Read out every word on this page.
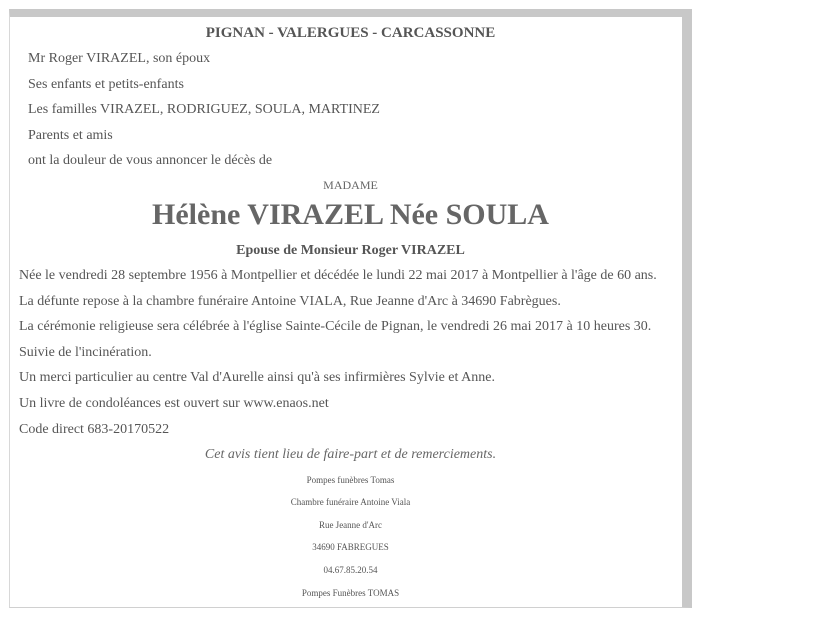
PIGNAN - VALERGUES - CARCASSONNE
Mr Roger VIRAZEL, son époux
Ses enfants et petits-enfants
Les familles VIRAZEL, RODRIGUEZ, SOULA, MARTINEZ
Parents et amis
ont la douleur de vous annoncer le décès de
MADAME
Hélène VIRAZEL Née SOULA
Epouse de Monsieur Roger VIRAZEL
Née le vendredi 28 septembre 1956 à Montpellier et décédée le lundi 22 mai 2017 à Montpellier à l'âge de 60 ans.
La défunte repose à la chambre funéraire Antoine VIALA, Rue Jeanne d'Arc à 34690 Fabrègues.
La cérémonie religieuse sera célébrée à l'église Sainte-Cécile de Pignan, le vendredi 26 mai 2017 à 10 heures 30.
Suivie de l'incinération.
Un merci particulier au centre Val d'Aurelle ainsi qu'à ses infirmières Sylvie et Anne.
Un livre de condoléances est ouvert sur www.enaos.net
Code direct 683-20170522
Cet avis tient lieu de faire-part et de remerciements.
Pompes funèbres Tomas
Chambre funéraire Antoine Viala
Rue Jeanne d'Arc
34690 FABREGUES
04.67.85.20.54
Pompes Funèbres TOMAS
